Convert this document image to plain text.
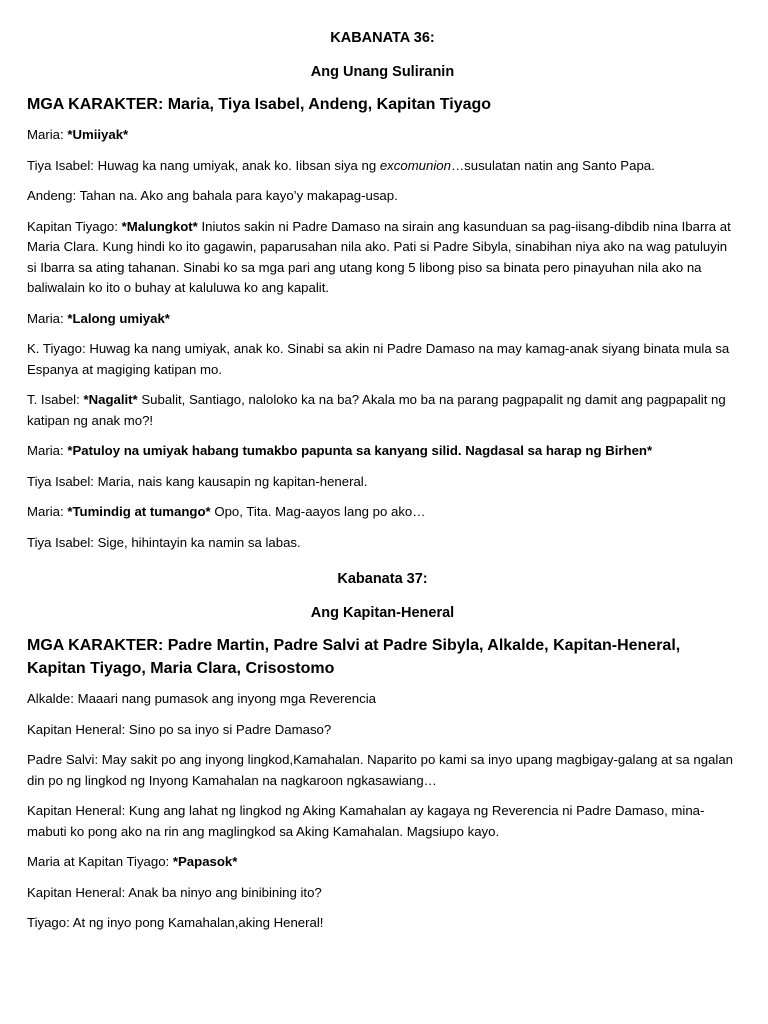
KABANATA 36:

Ang Unang Suliranin

MGA KARAKTER: Maria, Tiya Isabel, Andeng, Kapitan Tiyago

Maria: *Umiiyak*

Tiya Isabel: Huwag ka nang umiyak, anak ko. Iibsan siya ng excomunion…susulatan natin ang Santo Papa.

Andeng: Tahan na. Ako ang bahala para kayo’y makapag-usap.

Kapitan Tiyago: *Malungkot* Iniutos sakin ni Padre Damaso na sirain ang kasunduan sa pag-iisang-dibdib nina Ibarra at Maria Clara. Kung hindi ko ito gagawin, paparusahan nila ako. Pati si Padre Sibyla, sinabihan niya ako na wag patuluyin si Ibarra sa ating tahanan. Sinabi ko sa mga pari ang utang kong 5 libong piso sa binata pero pinayuhan nila ako na baliwalain ko ito o buhay at kaluluwa ko ang kapalit.

Maria: *Lalong umiyak*

K. Tiyago: Huwag ka nang umiyak, anak ko. Sinabi sa akin ni Padre Damaso na may kamag-anak siyang binata mula sa Espanya at magiging katipan mo.

T. Isabel: *Nagalit* Subalit, Santiago, naloloko ka na ba? Akala mo ba na parang pagpapalit ng damit ang pagpapalit ng katipan ng anak mo?!

Maria: *Patuloy na umiyak habang tumakbo papunta sa kanyang silid. Nagdasal sa harap ng Birhen*

Tiya Isabel: Maria, nais kang kausapin ng kapitan-heneral.

Maria: *Tumindig at tumango* Opo, Tita. Mag-aayos lang po ako…

Tiya Isabel: Sige, hihintayin ka namin sa labas.

Kabanata 37:

Ang Kapitan-Heneral

MGA KARAKTER: Padre Martin, Padre Salvi at Padre Sibyla, Alkalde, Kapitan-Heneral, Kapitan Tiyago, Maria Clara, Crisostomo

Alkalde: Maaari nang pumasok ang inyong mga Reverencia

Kapitan Heneral: Sino po sa inyo si Padre Damaso?

Padre Salvi: May sakit po ang inyong lingkod,Kamahalan. Naparito po kami sa inyo upang magbigay-galang at sa ngalan din po ng lingkod ng Inyong Kamahalan na nagkaroon ngkasawiang…

Kapitan Heneral: Kung ang lahat ng lingkod ng Aking Kamahalan ay kagaya ng Reverencia ni Padre Damaso, mina-mabuti ko pong ako na rin ang maglingkod sa Aking Kamahalan. Magsiupo kayo.

Maria at Kapitan Tiyago: *Papasok*

Kapitan Heneral: Anak ba ninyo ang binibining ito?

Tiyago: At ng inyo pong Kamahalan,aking Heneral!
